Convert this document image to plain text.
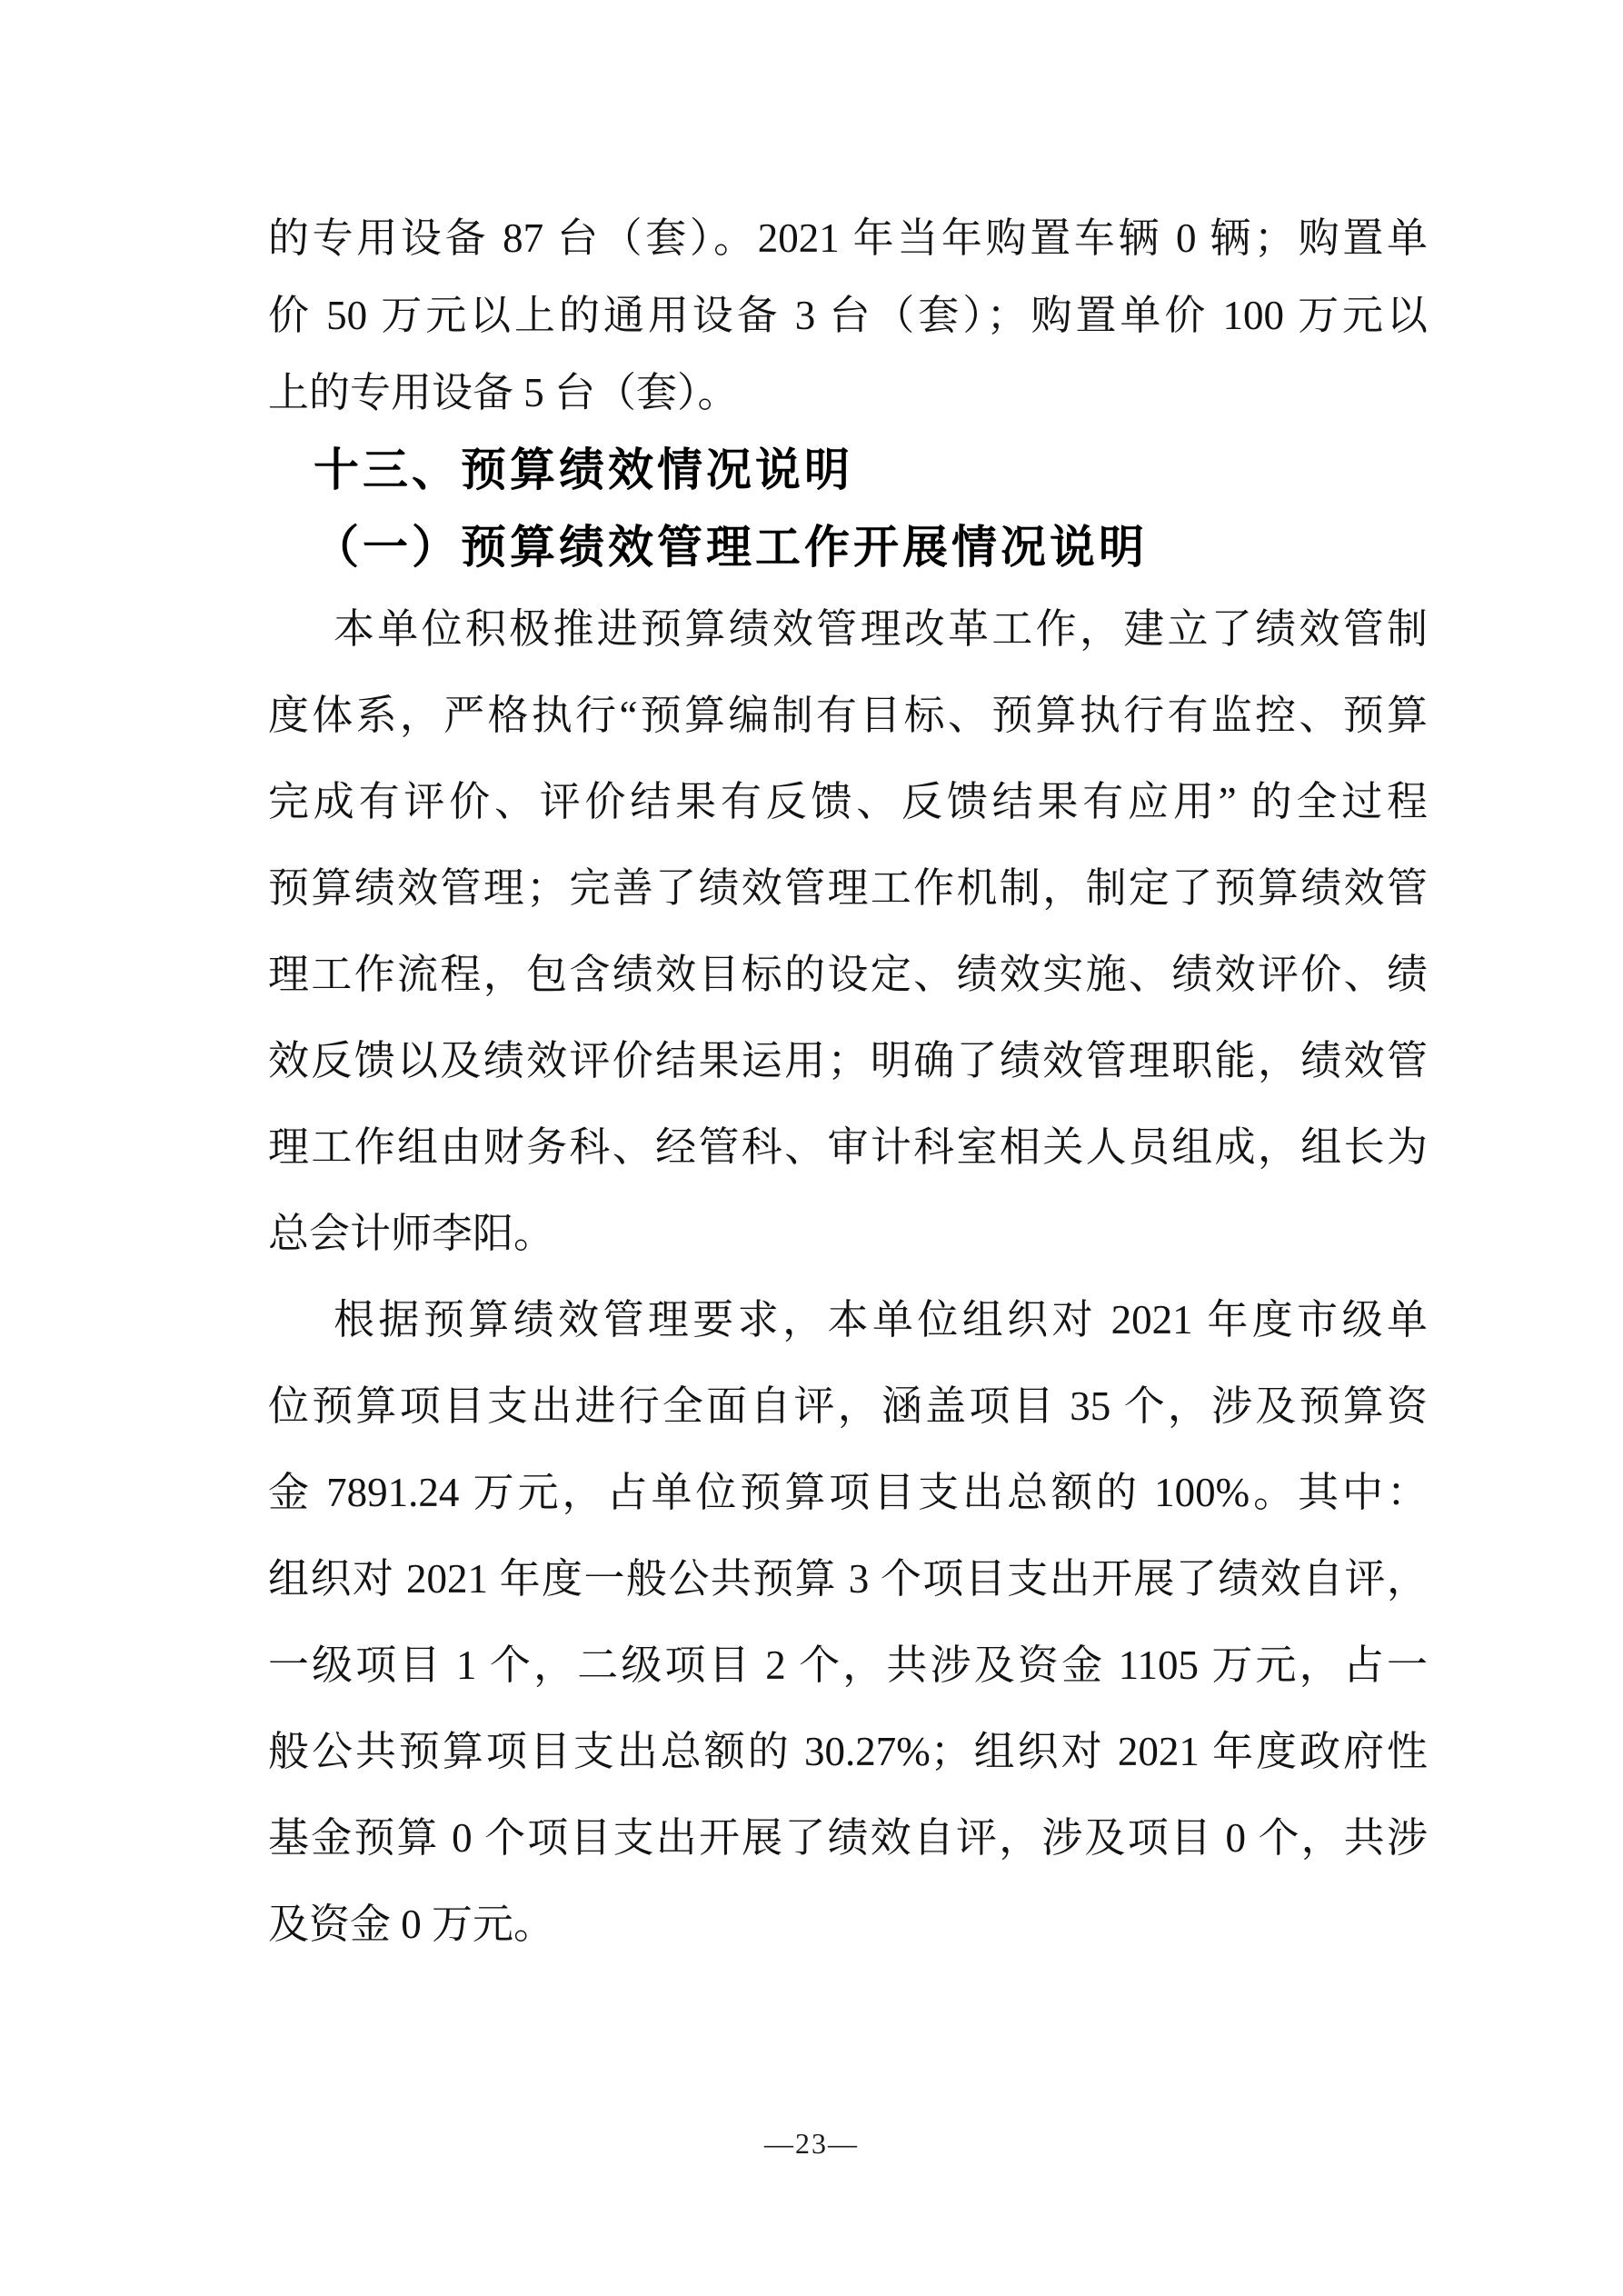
的专用设备 87 台（套）。2021 年当年购置车辆 0 辆；购置单
价 50 万元以上的通用设备 3 台（套）；购置单价 100 万元以
上的专用设备 5 台（套）。
十三、预算绩效情况说明
（一）预算绩效管理工作开展情况说明
本单位积极推进预算绩效管理改革工作，建立了绩效管制
度体系，严格执行“预算编制有目标、预算执行有监控、预算
完成有评价、评价结果有反馈、反馈结果有应用” 的全过程
预算绩效管理；完善了绩效管理工作机制，制定了预算绩效管
理工作流程，包含绩效目标的设定、绩效实施、绩效评价、绩
效反馈以及绩效评价结果运用；明确了绩效管理职能，绩效管
理工作组由财务科、经管科、审计科室相关人员组成，组长为
总会计师李阳。
根据预算绩效管理要求，本单位组织对 2021 年度市级单
位预算项目支出进行全面自评，涵盖项目 35 个，涉及预算资
金 7891.24 万元，占单位预算项目支出总额的 100%。其中：
组织对 2021 年度一般公共预算 3 个项目支出开展了绩效自评，
一级项目 1 个，二级项目 2 个，共涉及资金 1105 万元，占一
般公共预算项目支出总额的 30.27%；组织对 2021 年度政府性
基金预算 0 个项目支出开展了绩效自评，涉及项目 0 个，共涉
及资金 0 万元。
—23—
